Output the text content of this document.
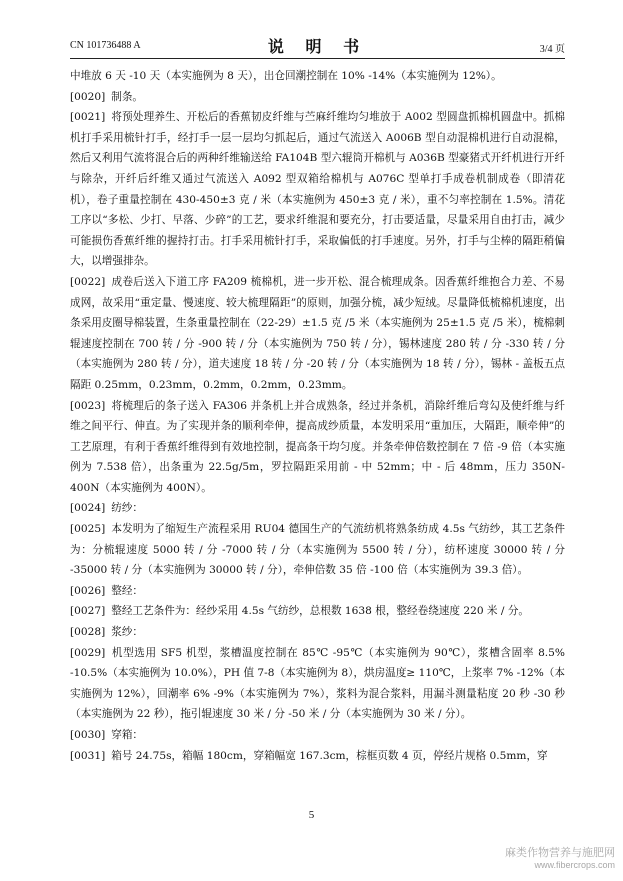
CN 101736488 A	说 明 书	3/4 页

中堆放 6 天 -10 天（本实施例为 8 天），出仓回潮控制在 10% -14%（本实施例为 12%）。

[0020] 制条。

[0021] 将预处理养生、开松后的香蕉韧皮纤维与苎麻纤维均匀堆放于 A002 型圆盘抓棉机圆盘中。抓棉机打手采用梳针打手，经打手一层一层均匀抓起后，通过气流送入 A006B 型自动混棉机进行自动混棉，然后又利用气流将混合后的两种纤维输送给 FA104B 型六辊筒开棉机与 A036B 型豪猪式开纤机进行开纤与除杂，开纤后纤维又通过气流送入 A092 型双箱给棉机与 A076C 型单打手成卷机制成卷（即清花机），卷子重量控制在 430-450±3 克 / 米（本实施例为 450±3 克 / 米），重不匀率控制在 1.5%。清花工序以“多松、少打、早落、少碎”的工艺，要求纤维混和要充分，打击要适量，尽量采用自由打击，减少可能损伤香蕉纤维的握持打击。打手采用梳针打手，采取偏低的打手速度。另外，打手与尘棒的隔距稍偏大，以增强排杂。

[0022] 成卷后送入下道工序 FA209 梳棉机，进一步开松、混合梳理成条。因香蕉纤维抱合力差、不易成网，故采用“重定量、慢速度、较大梳理隔距”的原则，加强分梳，减少短绒。尽量降低梳棉机速度，出条采用皮圈导棉装置，生条重量控制在（22-29）±1.5 克 /5 米（本实施例为 25±1.5 克 /5 米），梳棉刺辊速度控制在 700 转 / 分 -900 转 / 分（本实施例为 750 转 / 分），锡林速度 280 转 / 分 -330 转 / 分（本实施例为 280 转 / 分），道夫速度 18 转 / 分 -20 转 / 分（本实施例为 18 转 / 分），锡林 - 盖板五点隔距 0.25mm，0.23mm，0.2mm，0.2mm，0.23mm。

[0023] 将梳理后的条子送入 FA306 并条机上并合成熟条，经过并条机，消除纤维后弯勾及使纤维与纤维之间平行、伸直。为了实现并条的顺利牵伸，提高成纱质量，本发明采用“重加压，大隔距，顺牵伸”的工艺原理，有利于香蕉纤维得到有效地控制，提高条干均匀度。并条牵伸倍数控制在 7 倍 -9 倍（本实施例为 7.538 倍），出条重为 22.5g/5m，罗拉隔距采用前 - 中 52mm；中 - 后 48mm，压力 350N-400N（本实施例为 400N）。

[0024] 纺纱：

[0025] 本发明为了缩短生产流程采用 RU04 德国生产的气流纺机将熟条纺成 4.5s 气纺纱，其工艺条件为：分梳辊速度 5000 转 / 分 -7000 转 / 分（本实施例为 5500 转 / 分），纺杯速度 30000 转 / 分 -35000 转 / 分（本实施例为 30000 转 / 分），牵伸倍数 35 倍 -100 倍（本实施例为 39.3 倍）。

[0026] 整经：

[0027] 整经工艺条件为：经纱采用 4.5s 气纺纱，总根数 1638 根，整经卷绕速度 220 米 / 分。

[0028] 浆纱：

[0029] 机型选用 SF5 机型，浆槽温度控制在 85℃ -95℃（本实施例为 90℃），浆槽含固率 8.5% -10.5%（本实施例为 10.0%），PH 值 7-8（本实施例为 8），烘房温度≥ 110℃，上浆率 7% -12%（本实施例为 12%），回潮率 6% -9%（本实施例为 7%），浆料为混合浆料，用漏斗测量粘度 20 秒 -30 秒（本实施例为 22 秒），拖引辊速度 30 米 / 分 -50 米 / 分（本实施例为 30 米 / 分）。

[0030] 穿箱：

[0031] 箱号 24.75s，箱幅 180cm，穿箱幅宽 167.3cm，棕框页数 4 页，停经片规格 0.5mm，穿

5
麻类作物营养与施肥网
www.fibercrops.com
